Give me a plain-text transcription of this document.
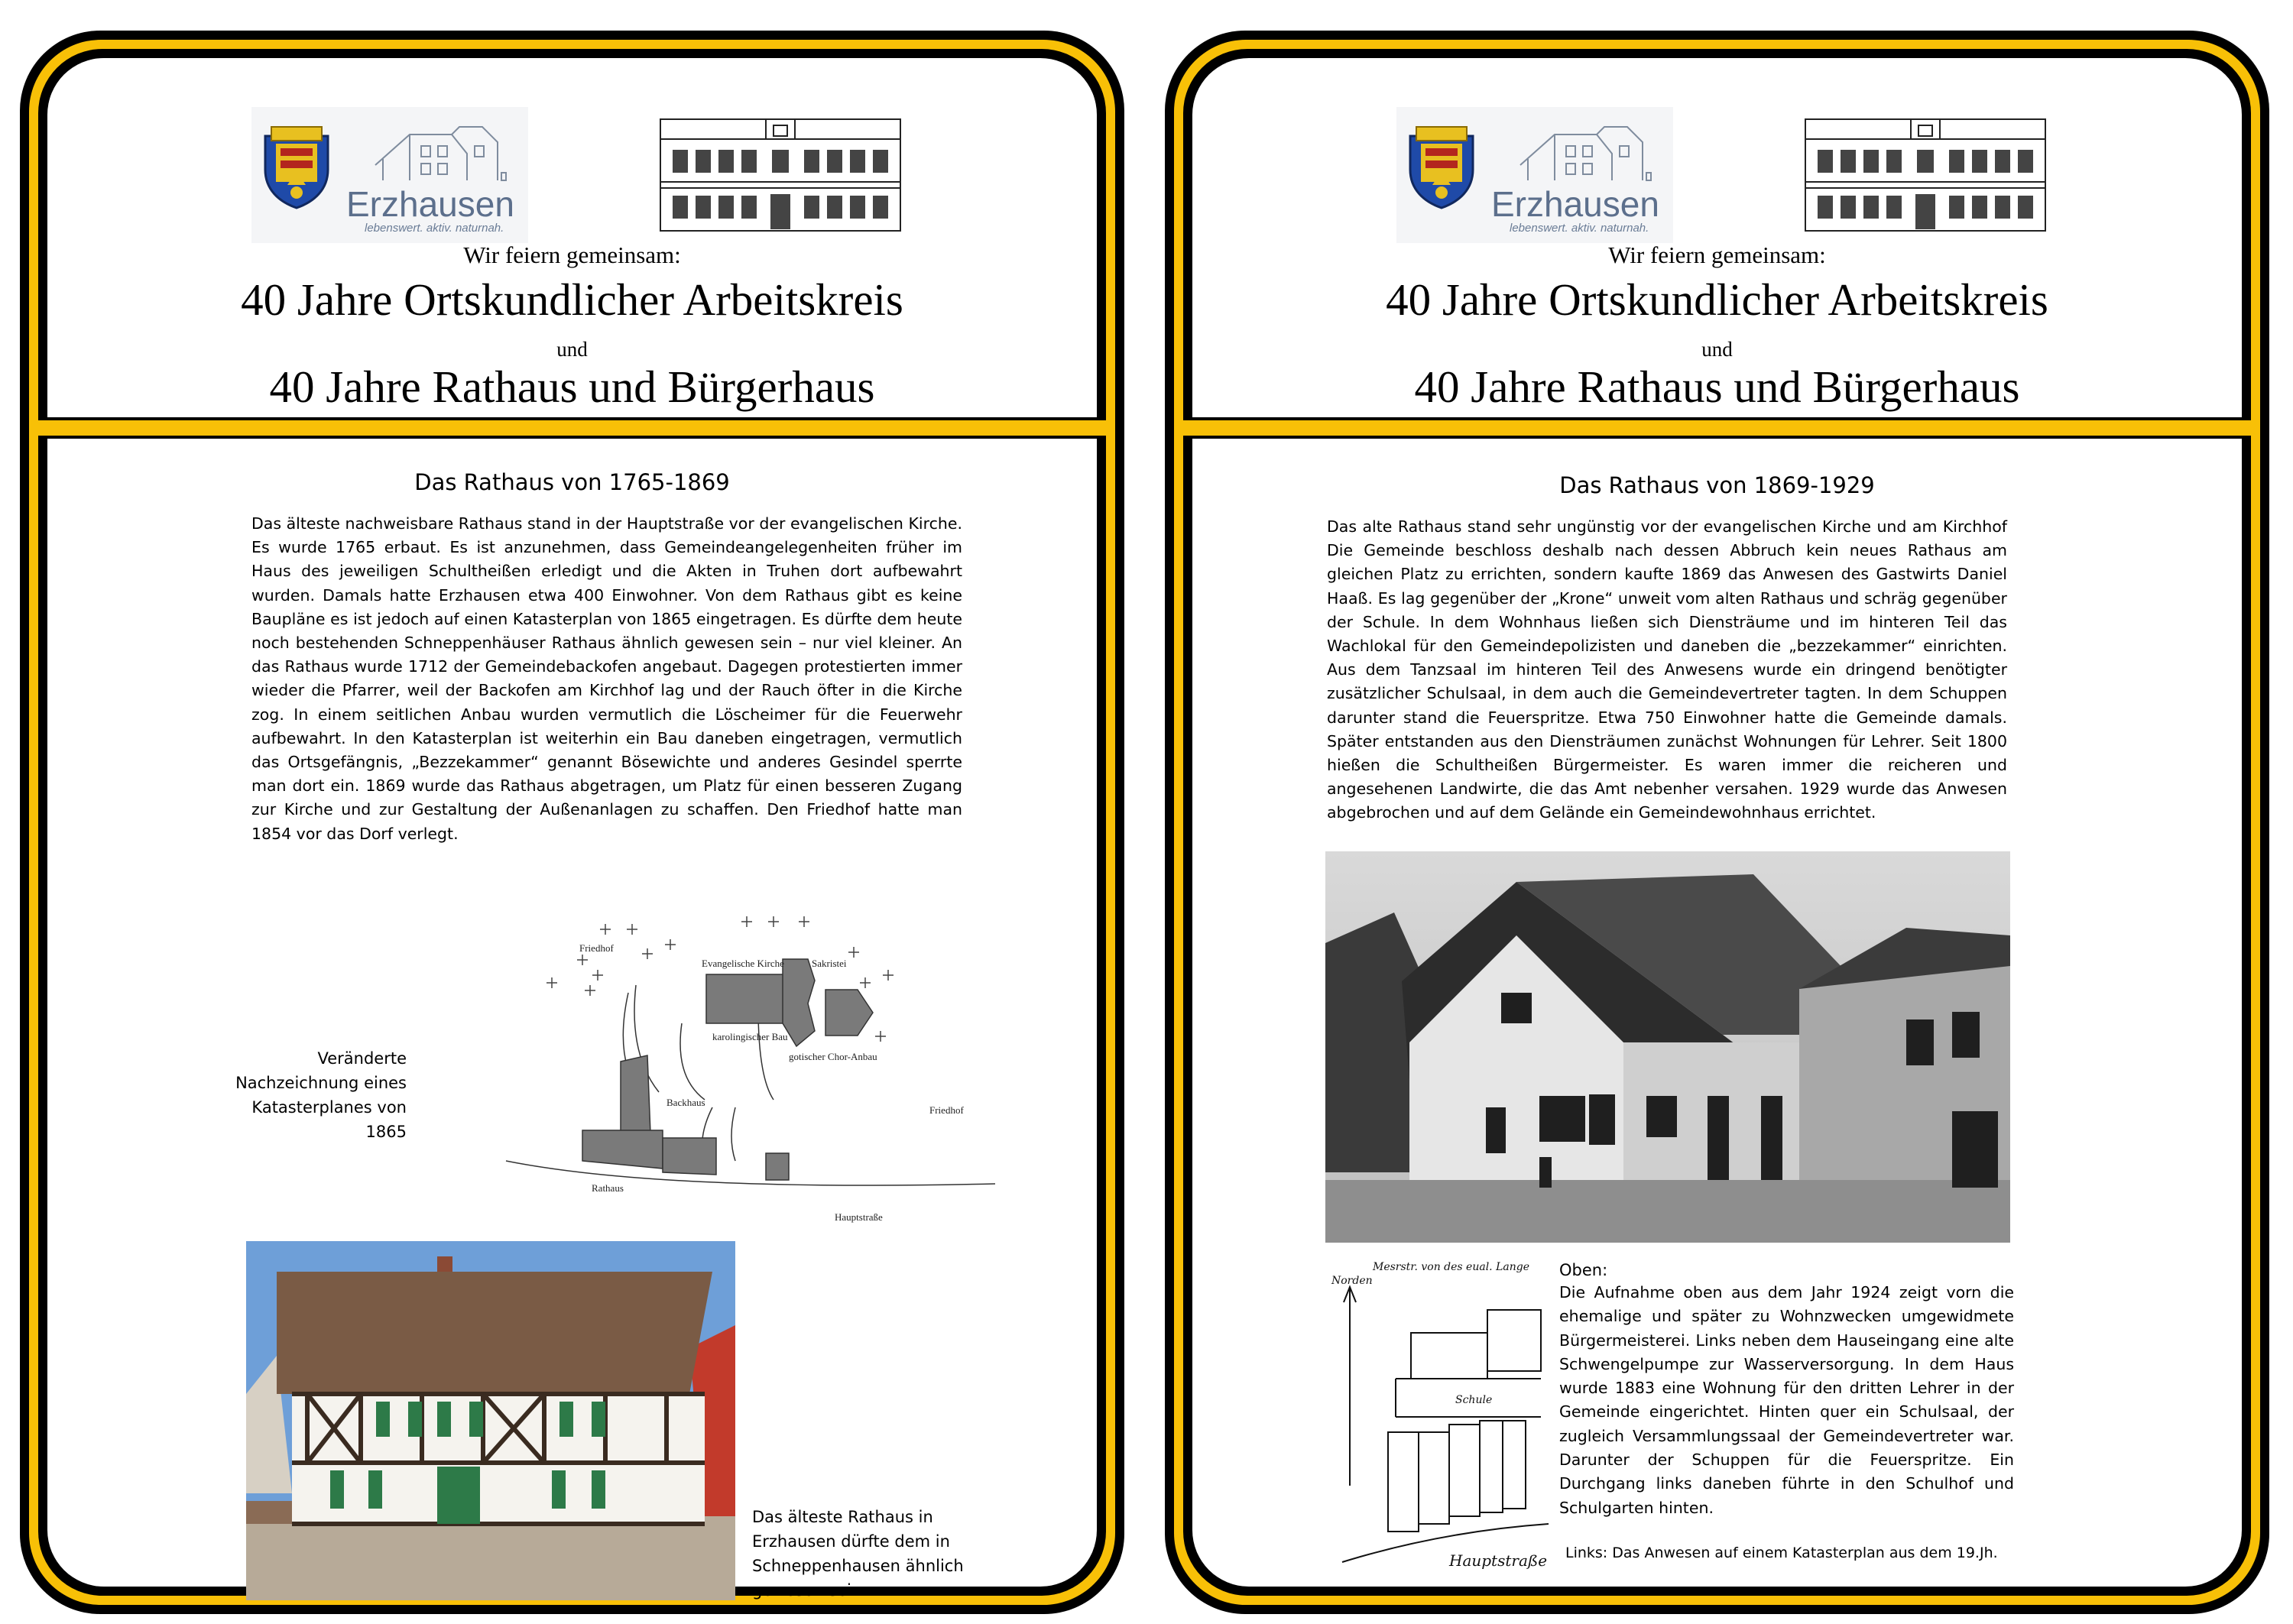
Erzhausen
lebenswert. aktiv. naturnah.
Wir feiern gemeinsam:
40 Jahre Ortskundlicher Arbeitskreis
und
40 Jahre Rathaus und Bürgerhaus
Das Rathaus von 1765-1869

Das älteste nachweisbare Rathaus stand in der Hauptstraße vor der evangelischen Kirche. Es wurde 1765 erbaut. Es ist anzunehmen, dass Gemeindeangelegenheiten früher im Haus des jeweiligen Schultheißen erledigt und die Akten in Truhen dort aufbewahrt wurden. Damals hatte Erzhausen etwa 400 Einwohner. Von dem Rathaus gibt es keine Baupläne es ist jedoch auf einen Katasterplan von 1865 eingetragen. Es dürfte dem heute noch bestehenden Schneppenhäuser Rathaus ähnlich gewesen sein – nur viel kleiner. An das Rathaus wurde 1712 der Gemeindebackofen angebaut. Dagegen protestierten immer wieder die Pfarrer, weil der Backofen am Kirchhof lag und der Rauch öfter in die Kirche zog. In einem seitlichen Anbau wurden vermutlich die Löscheimer für die Feuerwehr aufbewahrt. In den Katasterplan ist weiterhin ein Bau daneben eingetragen, vermutlich das Ortsgefängnis, „Bezzekammer“ genannt Bösewichte und anderes Gesindel sperrte man dort ein. 1869 wurde das Rathaus abgetragen, um Platz für einen besseren Zugang zur Kirche und zur Gestaltung der Außenanlagen zu schaffen. Den Friedhof hatte man 1854 vor das Dorf verlegt.

Veränderte Nachzeichnung eines Katasterplanes von 1865

Friedhof
Evangelische Kirche	Sakristei
karolingischer Bau
gotischer Chor-Anbau
Backhaus
Friedhof
Rathaus
Hauptstraße

Das älteste Rathaus in Erzhausen dürfte dem in Schneppenhausen ähnlich gewesen sein.

Erzhausen
lebenswert. aktiv. naturnah.
Wir feiern gemeinsam:
40 Jahre Ortskundlicher Arbeitskreis
und
40 Jahre Rathaus und Bürgerhaus
Das Rathaus von 1869-1929

Das alte Rathaus stand sehr ungünstig vor der evangelischen Kirche und am Kirchhof Die Gemeinde beschloss deshalb nach dessen Abbruch kein neues Rathaus am gleichen Platz zu errichten, sondern kaufte 1869 das Anwesen des Gastwirts Daniel Haaß. Es lag gegenüber der „Krone“ unweit vom alten Rathaus und schräg gegenüber der Schule. In dem Wohnhaus ließen sich Diensträume und im hinteren Teil das Wachlokal für den Gemeindepolizisten und daneben die „bezzekammer“ einrichten. Aus dem Tanzsaal im hinteren Teil des Anwesens wurde ein dringend benötigter zusätzlicher Schulsaal, in dem auch die Gemeindevertreter tagten. In dem Schuppen darunter stand die Feuerspritze. Etwa 750 Einwohner hatte die Gemeinde damals. Später entstanden aus den Diensträumen zunächst Wohnungen für Lehrer. Seit 1800 hießen die Schultheißen Bürgermeister. Es waren immer die reicheren und angesehenen Landwirte, die das Amt nebenher versahen. 1929 wurde das Anwesen abgebrochen und auf dem Gelände ein Gemeindewohnhaus errichtet.

Mesrstr. von des eual. Lange
Norden
Schule
Hauptstraße

Oben:

Die Aufnahme oben aus dem Jahr 1924 zeigt vorn die ehemalige und später zu Wohnzwecken umgewidmete Bürgermeisterei. Links neben dem Hauseingang eine alte Schwengelpumpe zur Wasserversorgung. In dem Haus wurde 1883 eine Wohnung für den dritten Lehrer in der Gemeinde eingerichtet. Hinten quer ein Schulsaal, der zugleich Versammlungssaal der Gemeindevertreter war. Darunter der Schuppen für die Feuerspritze. Ein Durchgang links daneben führte in den Schulhof und Schulgarten hinten.

Links: Das Anwesen auf einem Katasterplan aus dem 19.Jh.
